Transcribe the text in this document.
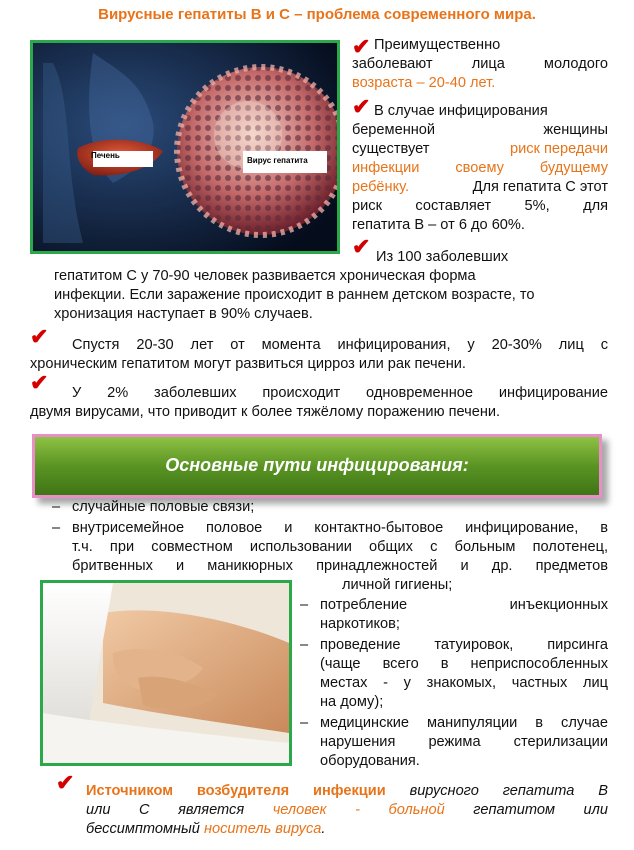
Вирусные гепатиты В и С – проблема современного мира.
Печень
Вирус гепатита
✔ Преимущественно
заболевают	лица	молодого
возраста – 20-40 лет.
✔ В случае инфицирования
беременной	женщины
существует	риск передачи
инфекции своему будущему
ребёнку.	Для гепатита С этот
риск составляет 5%, для
гепатита В – от 6 до 60%.
✔ Из 100 заболевших
гепатитом С у 70-90 человек развивается хроническая форма
инфекции. Если заражение происходит в раннем детском возрасте, то
хронизация наступает в 90% случаев.
✔	Спустя 20-30 лет от момента инфицирования, у 20-30% лиц с
хроническим гепатитом могут развиться цирроз или рак печени.
✔	У 2% заболевших происходит одновременное инфицирование
двумя вирусами, что приводит к более тяжёлому поражению печени.
Основные пути инфицирования:
– случайные половые связи;
– внутрисемейное половое и контактно-бытовое инфицирование, в
т.ч. при совместном использовании общих с больным полотенец,
бритвенных и маникюрных принадлежностей и др. предметов
личной гигиены;
– потребление инъекционных
наркотиков;
– проведение татуировок, пирсинга
(чаще всего в неприспособленных
местах - у знакомых, частных лиц
на дому);
– медицинские манипуляции в случае
нарушения режима стерилизации
оборудования.
✔ Источником возбудителя инфекции вирусного гепатита В
или С является человек - больной гепатитом или
бессимптомный носитель вируса.
